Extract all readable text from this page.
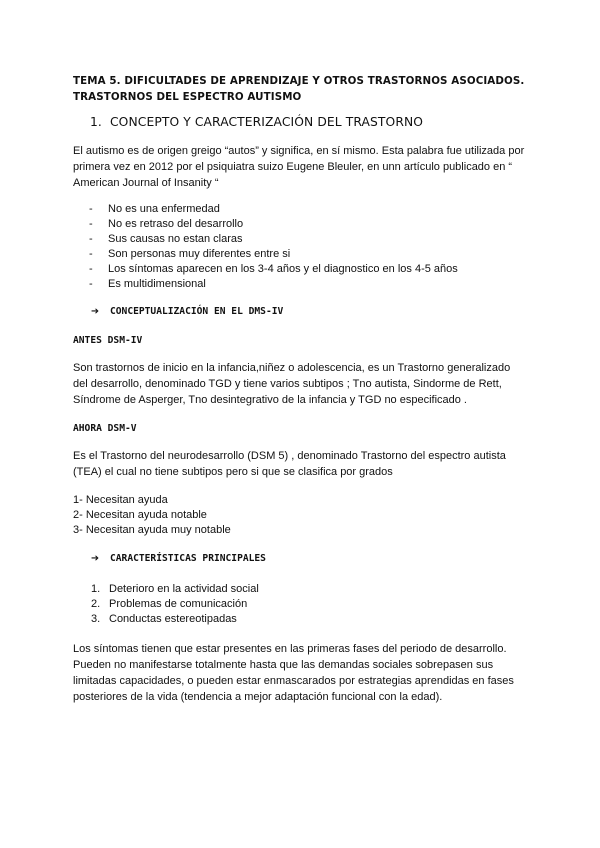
TEMA 5. DIFICULTADES DE APRENDIZAJE Y OTROS TRASTORNOS ASOCIADOS.
TRASTORNOS DEL ESPECTRO AUTISMO
1. CONCEPTO Y CARACTERIZACIÓN DEL TRASTORNO
El autismo es de origen greigo “autos” y significa, en sí mismo. Esta palabra fue utilizada por
primera vez en 2012 por el psiquiatra suizo Eugene Bleuler, en unn artículo publicado en “
American Journal of Insanity “
- No es una enfermedad
- No es retraso del desarrollo
- Sus causas no estan claras
- Son personas muy diferentes entre si
- Los síntomas aparecen en los 3-4 años y el diagnostico en los 4-5 años
- Es multidimensional
➔ CONCEPTUALIZACIÓN EN EL DMS-IV
ANTES DSM-IV
Son trastornos de inicio en la infancia,niñez o adolescencia, es un Trastorno generalizado
del desarrollo, denominado TGD y tiene varios subtipos ; Tno autista, Sindorme de Rett,
Síndrome de Asperger, Tno desintegrativo de la infancia y TGD no especificado .
AHORA DSM-V
Es el Trastorno del neurodesarrollo (DSM 5) , denominado Trastorno del espectro autista
(TEA) el cual no tiene subtipos pero si que se clasifica por grados
1- Necesitan ayuda
2- Necesitan ayuda notable
3- Necesitan ayuda muy notable
➔ CARACTERÍSTICAS PRINCIPALES
1. Deterioro en la actividad social
2. Problemas de comunicación
3. Conductas estereotipadas
Los síntomas tienen que estar presentes en las primeras fases del periodo de desarrollo.
Pueden no manifestarse totalmente hasta que las demandas sociales sobrepasen sus
limitadas capacidades, o pueden estar enmascarados por estrategias aprendidas en fases
posteriores de la vida (tendencia a mejor adaptación funcional con la edad).
